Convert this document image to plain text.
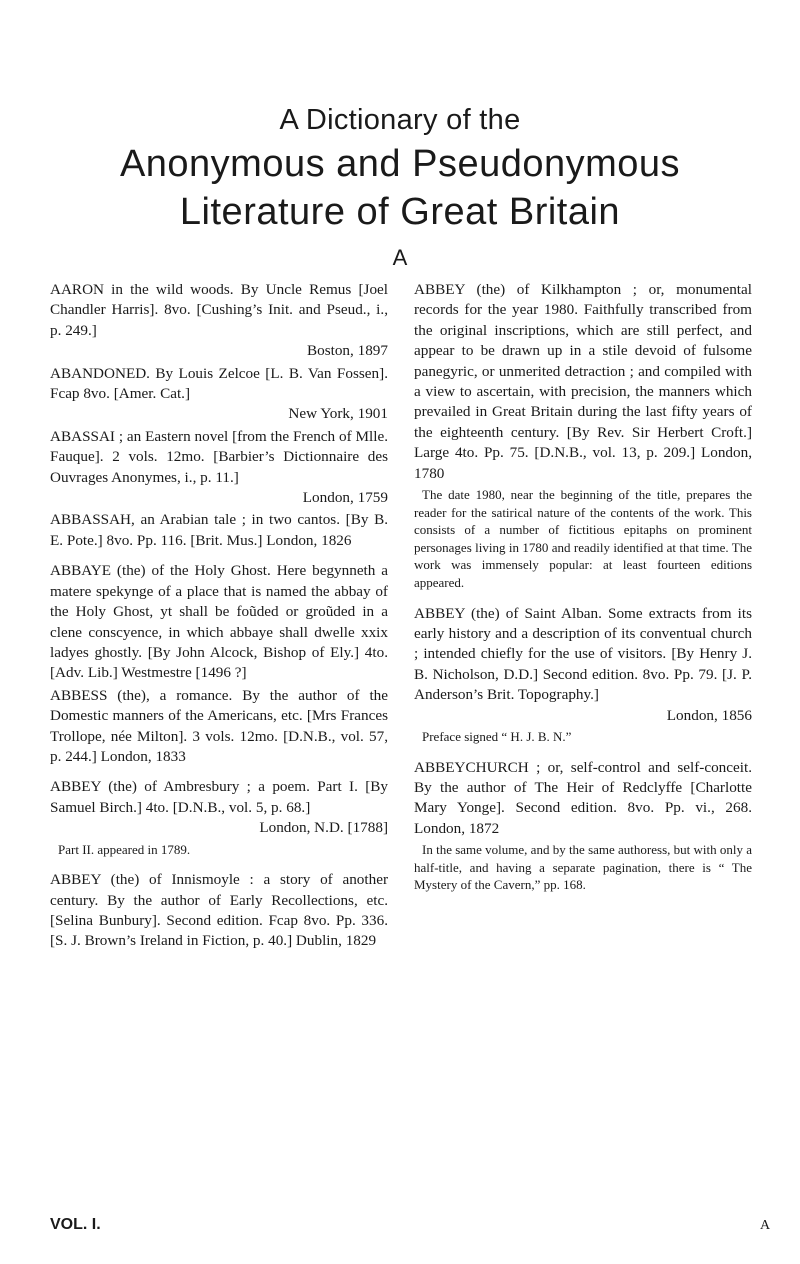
A Dictionary of the
Anonymous and Pseudonymous
Literature of Great Britain
A

AARON in the wild woods. By Uncle Remus [Joel Chandler Harris]. 8vo. [Cushing’s Init. and Pseud., i., p. 249.]
Boston, 1897

ABANDONED. By Louis Zelcoe [L. B. Van Fossen]. Fcap 8vo. [Amer. Cat.]
New York, 1901

ABASSAI ; an Eastern novel [from the French of Mlle. Fauque]. 2 vols. 12mo. [Barbier’s Dictionnaire des Ouvrages Anonymes, i., p. 11.]
London, 1759

ABBASSAH, an Arabian tale ; in two cantos. [By B. E. Pote.] 8vo. Pp. 116. [Brit. Mus.] London, 1826

ABBAYE (the) of the Holy Ghost. Here begynneth a matere spekynge of a place that is named the abbay of the Holy Ghost, yt shall be foũded or groũded in a clene conscyence, in which abbaye shall dwelle xxix ladyes ghostly. [By John Alcock, Bishop of Ely.] 4to. [Adv. Lib.] Westmestre [1496 ?]

ABBESS (the), a romance. By the author of the Domestic manners of the Americans, etc. [Mrs Frances Trollope, née Milton]. 3 vols. 12mo. [D.N.B., vol. 57, p. 244.] London, 1833

ABBEY (the) of Ambresbury ; a poem. Part I. [By Samuel Birch.] 4to. [D.N.B., vol. 5, p. 68.]
London, N.D. [1788]

Part II. appeared in 1789.

ABBEY (the) of Innismoyle : a story of another century. By the author of Early Recollections, etc. [Selina Bunbury]. Second edition. Fcap 8vo. Pp. 336. [S. J. Brown’s Ireland in Fiction, p. 40.] Dublin, 1829

ABBEY (the) of Kilkhampton ; or, monumental records for the year 1980. Faithfully transcribed from the original inscriptions, which are still perfect, and appear to be drawn up in a stile devoid of fulsome panegyric, or unmerited detraction ; and compiled with a view to ascertain, with precision, the manners which prevailed in Great Britain during the last fifty years of the eighteenth century. [By Rev. Sir Herbert Croft.] Large 4to. Pp. 75. [D.N.B., vol. 13, p. 209.] London, 1780

The date 1980, near the beginning of the title, prepares the reader for the satirical nature of the contents of the work. This consists of a number of fictitious epitaphs on prominent personages living in 1780 and readily identified at that time. The work was immensely popular: at least fourteen editions appeared.

ABBEY (the) of Saint Alban. Some extracts from its early history and a description of its conventual church ; intended chiefly for the use of visitors. [By Henry J. B. Nicholson, D.D.] Second edition. 8vo. Pp. 79. [J. P. Anderson’s Brit. Topography.]
London, 1856

Preface signed “ H. J. B. N.”

ABBEYCHURCH ; or, self-control and self-conceit. By the author of The Heir of Redclyffe [Charlotte Mary Yonge]. Second edition. 8vo. Pp. vi., 268. London, 1872

In the same volume, and by the same authoress, but with only a half-title, and having a separate pagination, there is “ The Mystery of the Cavern,” pp. 168.

VOL. I.	A
